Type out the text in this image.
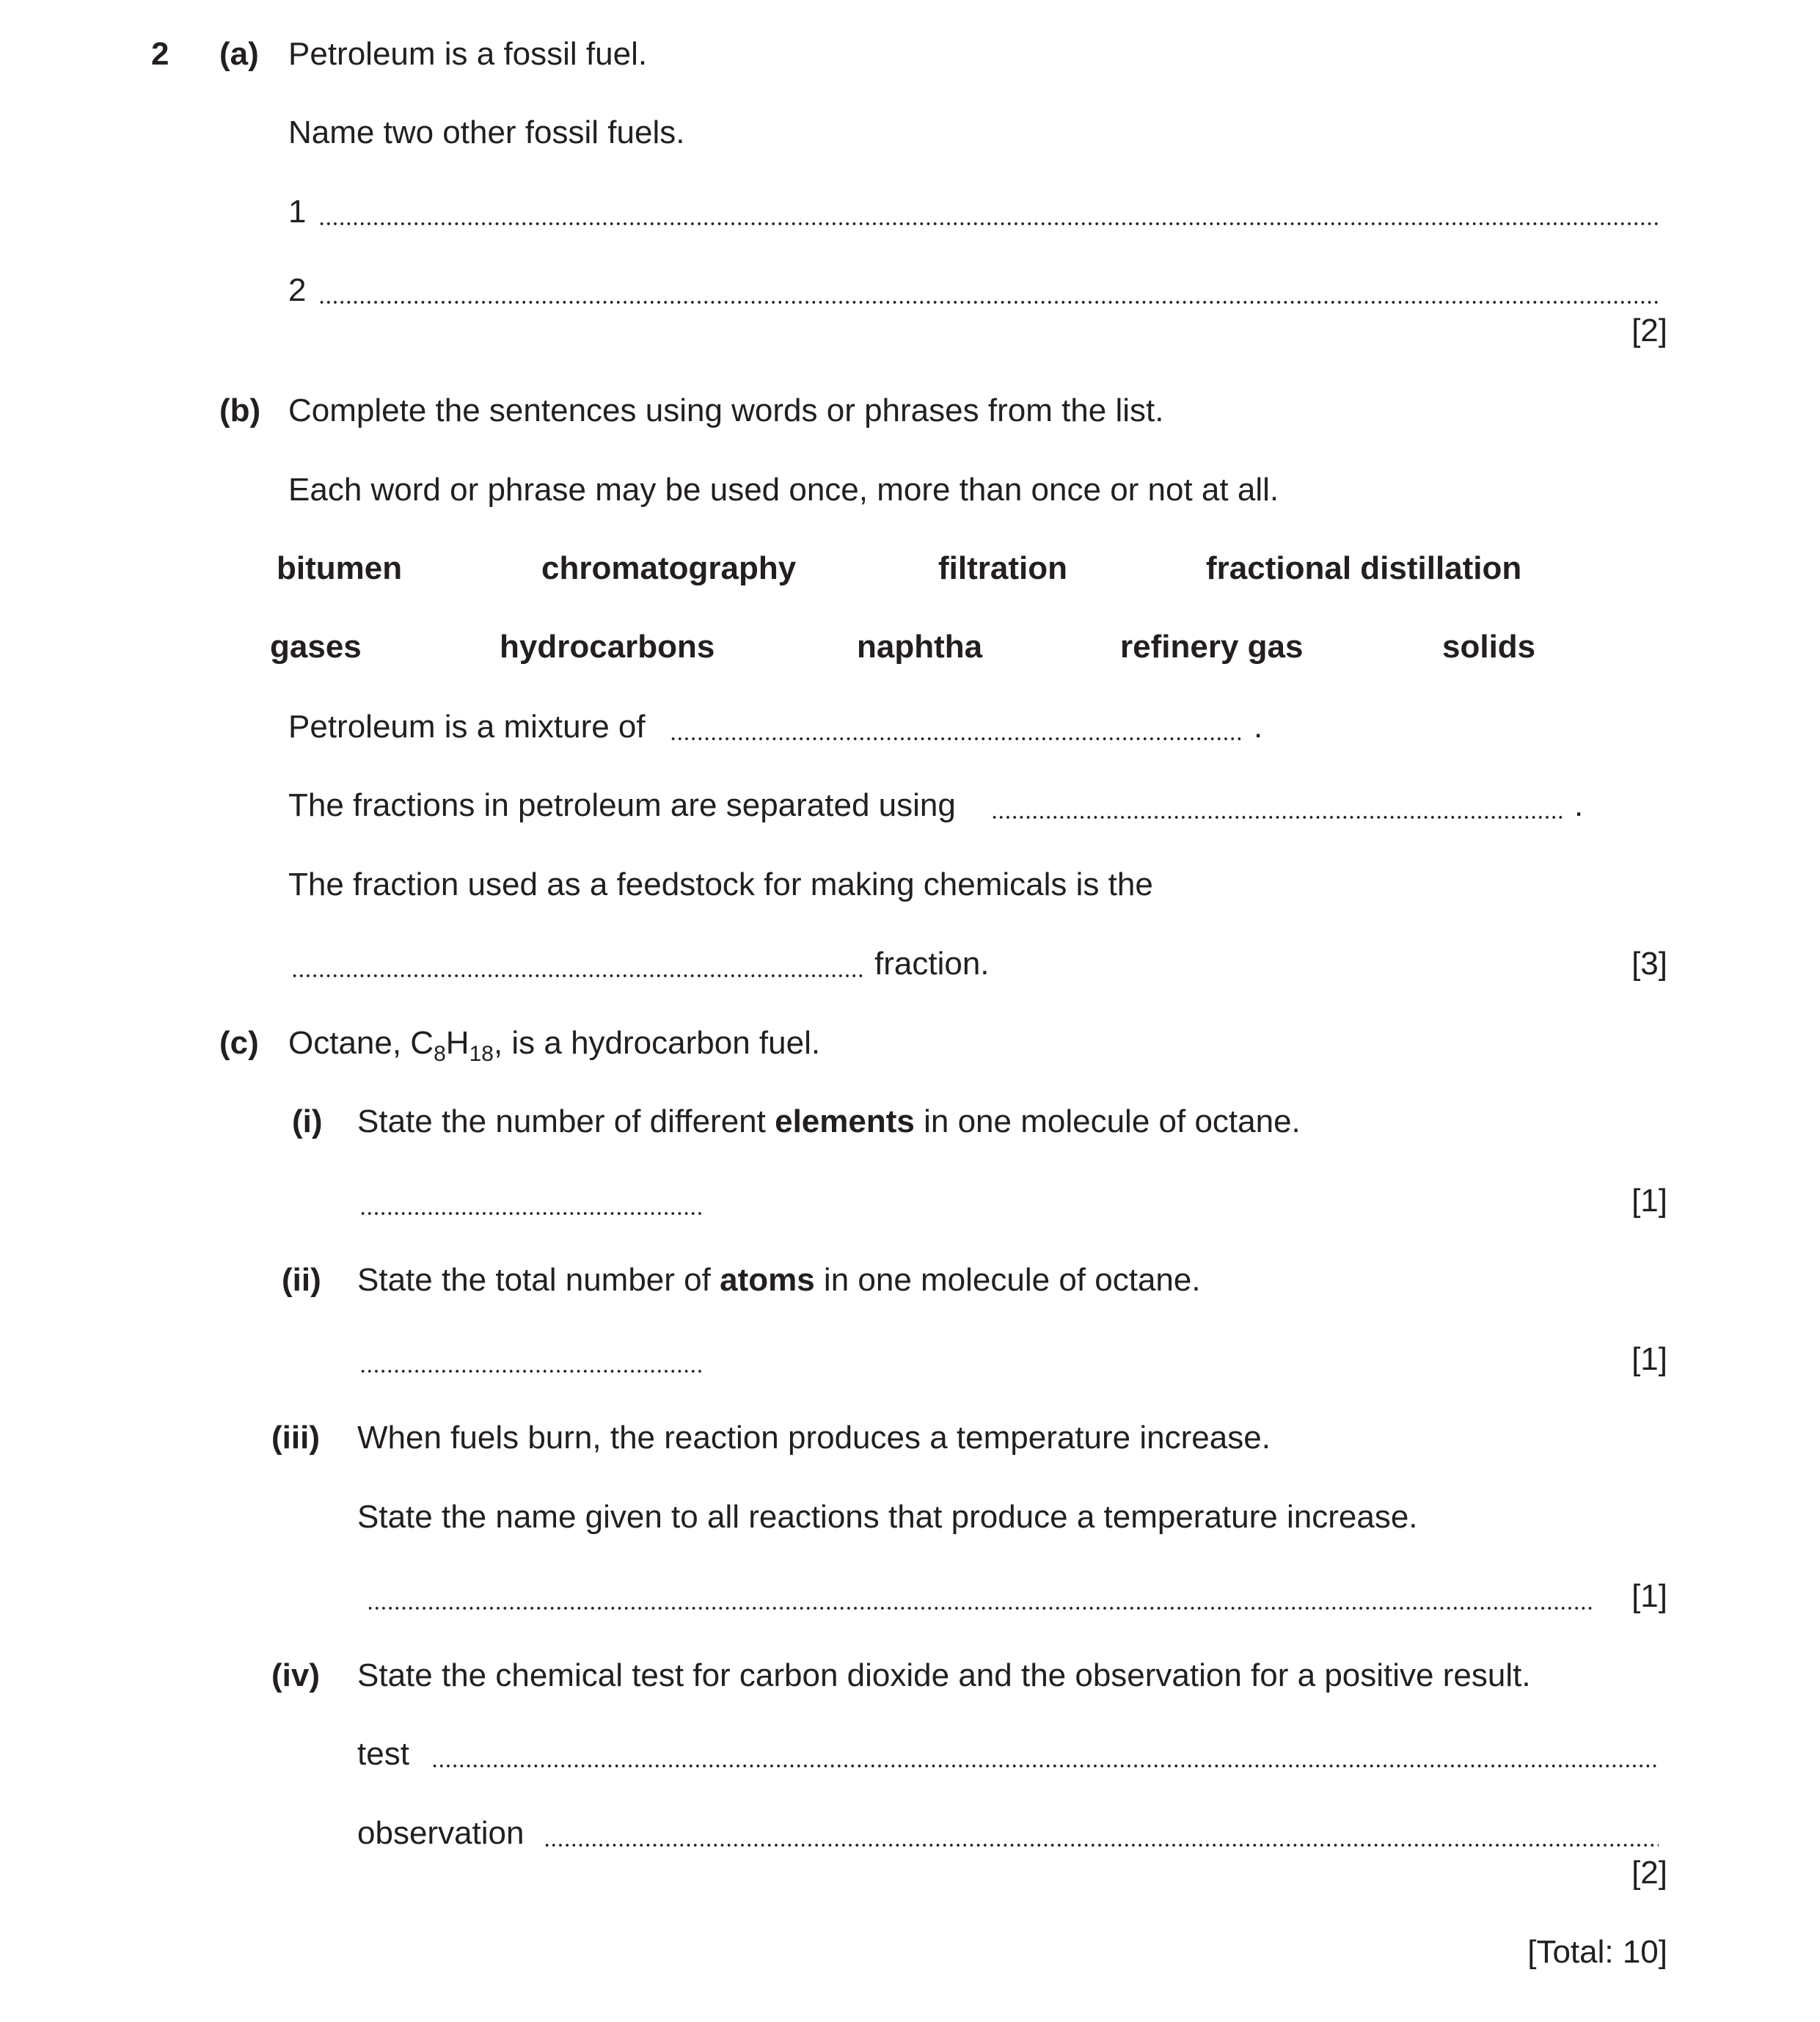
2 (a) Petroleum is a fossil fuel.
Name two other fossil fuels.
1
2
[2]
(b) Complete the sentences using words or phrases from the list.
Each word or phrase may be used once, more than once or not at all.
bitumen	chromatography	filtration	fractional distillation
gases	hydrocarbons	naphtha	refinery gas	solids
Petroleum is a mixture of	.
The fractions in petroleum are separated using	.
The fraction used as a feedstock for making chemicals is the
fraction.	[3]
(c) Octane, $C_8H_{18}$, is a hydrocarbon fuel.
(i) State the number of different elements in one molecule of octane.
[1]
(ii) State the total number of atoms in one molecule of octane.
[1]
(iii) When fuels burn, the reaction produces a temperature increase.
State the name given to all reactions that produce a temperature increase.
[1]
(iv) State the chemical test for carbon dioxide and the observation for a positive result.
test
observation
[2]
[Total: 10]
